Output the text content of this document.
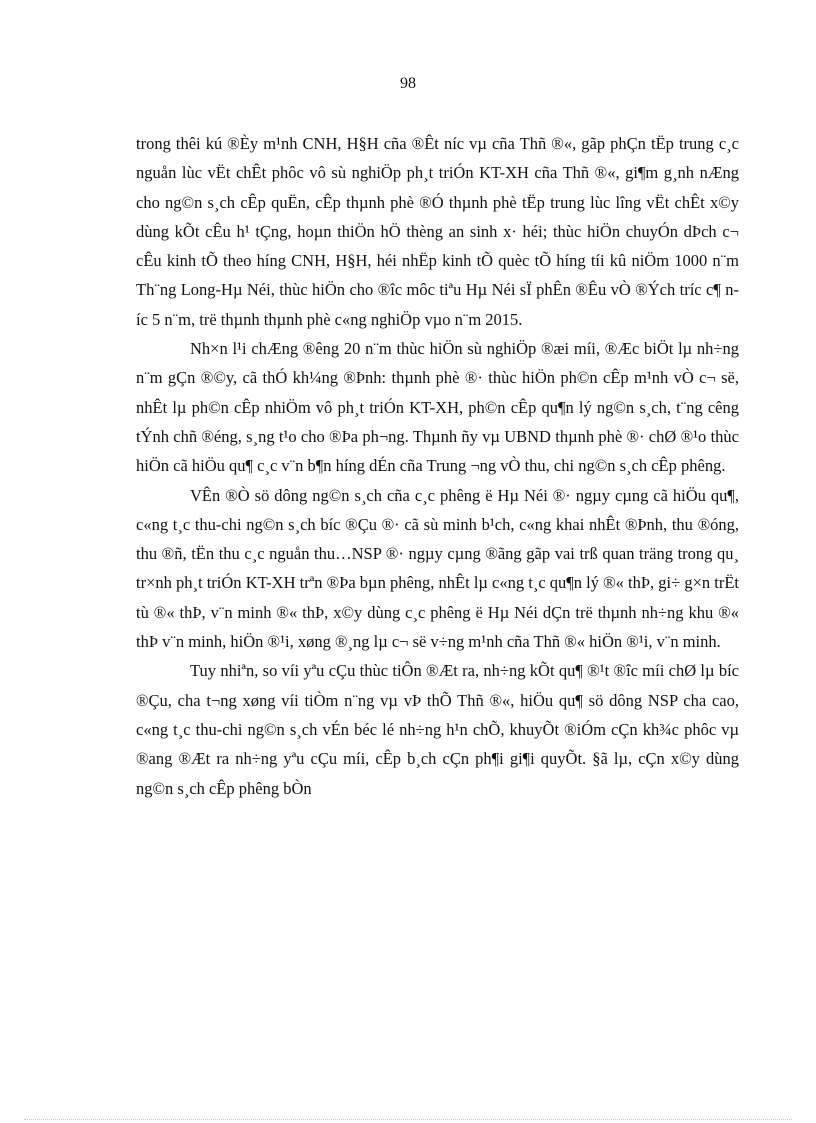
98

trong thêi kú ®Èy m¹nh CNH, H§H cña ®Êt níc vµ cña Thñ ®«, gãp phÇn tËp trung c¸c nguån lùc vËt chÊt phôc vô sù nghiÖp ph¸t triÓn KT-XH cña Thñ ®«, gi¶m g¸nh nÆng cho ng©n s¸ch cÊp quËn, cÊp thµnh phè ®Ó thµnh phè tËp trung lùc lîng vËt chÊt x©y dùng kÕt cÊu h¹ tÇng, hoµn thiÖn hÖ thèng an sinh x· héi; thùc hiÖn chuyÓn dÞch c¬ cÊu kinh tÕ theo híng CNH, H§H, héi nhËp kinh tÕ quèc tÕ híng tíi kû niÖm 1000 n¨m Th¨ng Long-Hµ Néi, thùc hiÖn cho ®îc môc tiªu Hµ Néi sÏ phÊn ®Êu vÒ ®Ých tríc c¶ níc 5 n¨m, trë thµnh thµnh phè c«ng nghiÖp vµo n¨m 2015.

Nh×n l¹i chÆng ®êng 20 n¨m thùc hiÖn sù nghiÖp ®æi míi, ®Æc biÖt lµ nh÷ng n¨m gÇn ®©y, cã thÓ kh¼ng ®Þnh: thµnh phè ®· thùc hiÖn ph©n cÊp m¹nh vÒ c¬ së, nhÊt lµ ph©n cÊp nhiÖm vô ph¸t triÓn KT-XH, ph©n cÊp qu¶n lý ng©n s¸ch, t¨ng cêng tÝnh chñ ®éng, s¸ng t¹o cho ®Þa ph¬ng. Thµnh ñy vµ UBND thµnh phè ®· chØ ®¹o thùc hiÖn cã hiÖu qu¶ c¸c v¨n b¶n híng dÉn cña Trung ¬ng vÒ thu, chi ng©n s¸ch cÊp phêng.

VÊn ®Ò sö dông ng©n s¸ch cña c¸c phêng ë Hµ Néi ®· ngµy cµng cã hiÖu qu¶, c«ng t¸c thu-chi ng©n s¸ch bíc ®Çu ®· cã sù minh b¹ch, c«ng khai nhÊt ®Þnh, thu ®óng, thu ®ñ, tËn thu c¸c nguån thu…NSP ®· ngµy cµng ®ãng gãp vai trß quan träng trong qu¸ tr×nh ph¸t triÓn KT-XH trªn ®Þa bµn phêng, nhÊt lµ c«ng t¸c qu¶n lý ®« thÞ, gi÷ g×n trËt tù ®« thÞ, v¨n minh ®« thÞ, x©y dùng c¸c phêng ë Hµ Néi dÇn trë thµnh nh÷ng khu ®« thÞ v¨n minh, hiÖn ®¹i, xøng ®¸ng lµ c¬ së v÷ng m¹nh cña Thñ ®« hiÖn ®¹i, v¨n minh.

Tuy nhiªn, so víi yªu cÇu thùc tiÔn ®Æt ra, nh÷ng kÕt qu¶ ®¹t ®îc míi chØ lµ bíc ®Çu, cha t¬ng xøng víi tiÒm n¨ng vµ vÞ thÕ Thñ ®«, hiÖu qu¶ sö dông NSP cha cao, c«ng t¸c thu-chi ng©n s¸ch vÉn béc lé nh÷ng h¹n chÕ, khuyÕt ®iÓm cÇn kh¾c phôc vµ ®ang ®Æt ra nh÷ng yªu cÇu míi, cÊp b¸ch cÇn ph¶i gi¶i quyÕt. §ã lµ, cÇn x©y dùng ng©n s¸ch cÊp phêng bÒn
